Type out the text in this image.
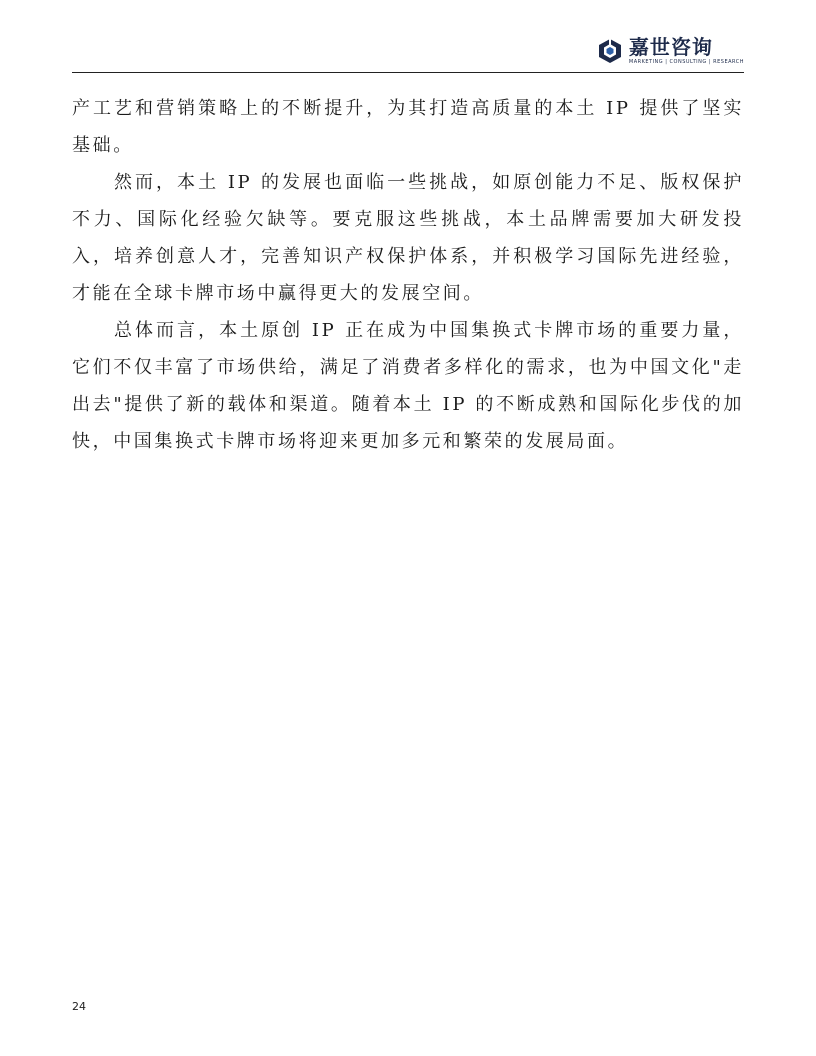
嘉世咨询
MARKETING | CONSULTING | RESEARCH

产工艺和营销策略上的不断提升，为其打造高质量的本土 IP 提供了坚实基础。

然而，本土 IP 的发展也面临一些挑战，如原创能力不足、版权保护不力、国际化经验欠缺等。要克服这些挑战，本土品牌需要加大研发投入，培养创意人才，完善知识产权保护体系，并积极学习国际先进经验，才能在全球卡牌市场中赢得更大的发展空间。

总体而言，本土原创 IP 正在成为中国集换式卡牌市场的重要力量，它们不仅丰富了市场供给，满足了消费者多样化的需求，也为中国文化"走出去"提供了新的载体和渠道。随着本土 IP 的不断成熟和国际化步伐的加快，中国集换式卡牌市场将迎来更加多元和繁荣的发展局面。

24
